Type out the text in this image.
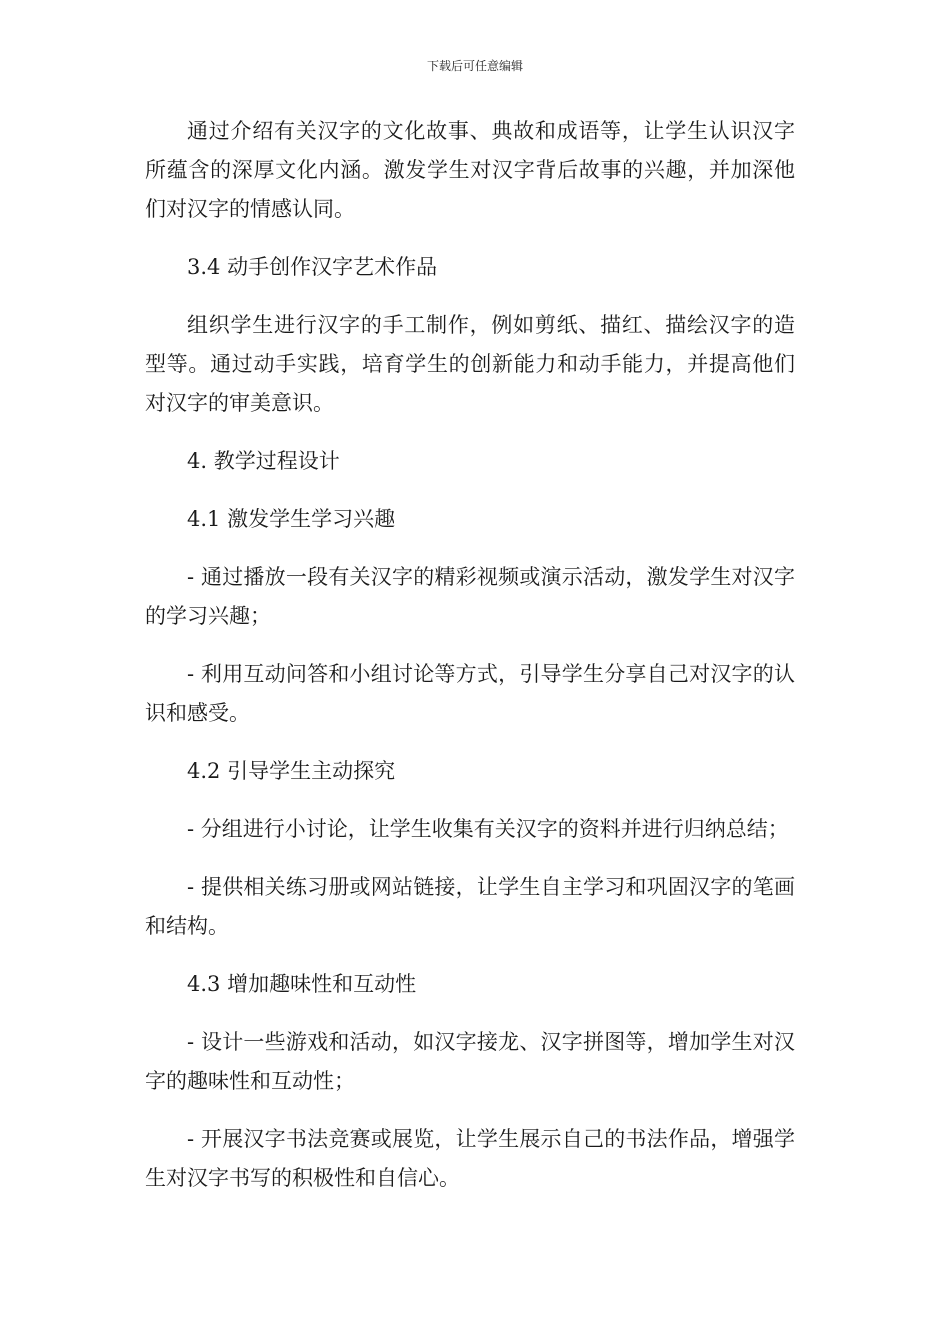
下载后可任意编辑

通过介绍有关汉字的文化故事、典故和成语等，让学生认识汉字所蕴含的深厚文化内涵。激发学生对汉字背后故事的兴趣，并加深他们对汉字的情感认同。

3.4 动手创作汉字艺术作品

组织学生进行汉字的手工制作，例如剪纸、描红、描绘汉字的造型等。通过动手实践，培育学生的创新能力和动手能力，并提高他们对汉字的审美意识。

4. 教学过程设计

4.1 激发学生学习兴趣

- 通过播放一段有关汉字的精彩视频或演示活动，激发学生对汉字的学习兴趣；

- 利用互动问答和小组讨论等方式，引导学生分享自己对汉字的认识和感受。

4.2 引导学生主动探究

- 分组进行小讨论，让学生收集有关汉字的资料并进行归纳总结；

- 提供相关练习册或网站链接，让学生自主学习和巩固汉字的笔画和结构。

4.3 增加趣味性和互动性

- 设计一些游戏和活动，如汉字接龙、汉字拼图等，增加学生对汉字的趣味性和互动性；

- 开展汉字书法竞赛或展览，让学生展示自己的书法作品，增强学生对汉字书写的积极性和自信心。
